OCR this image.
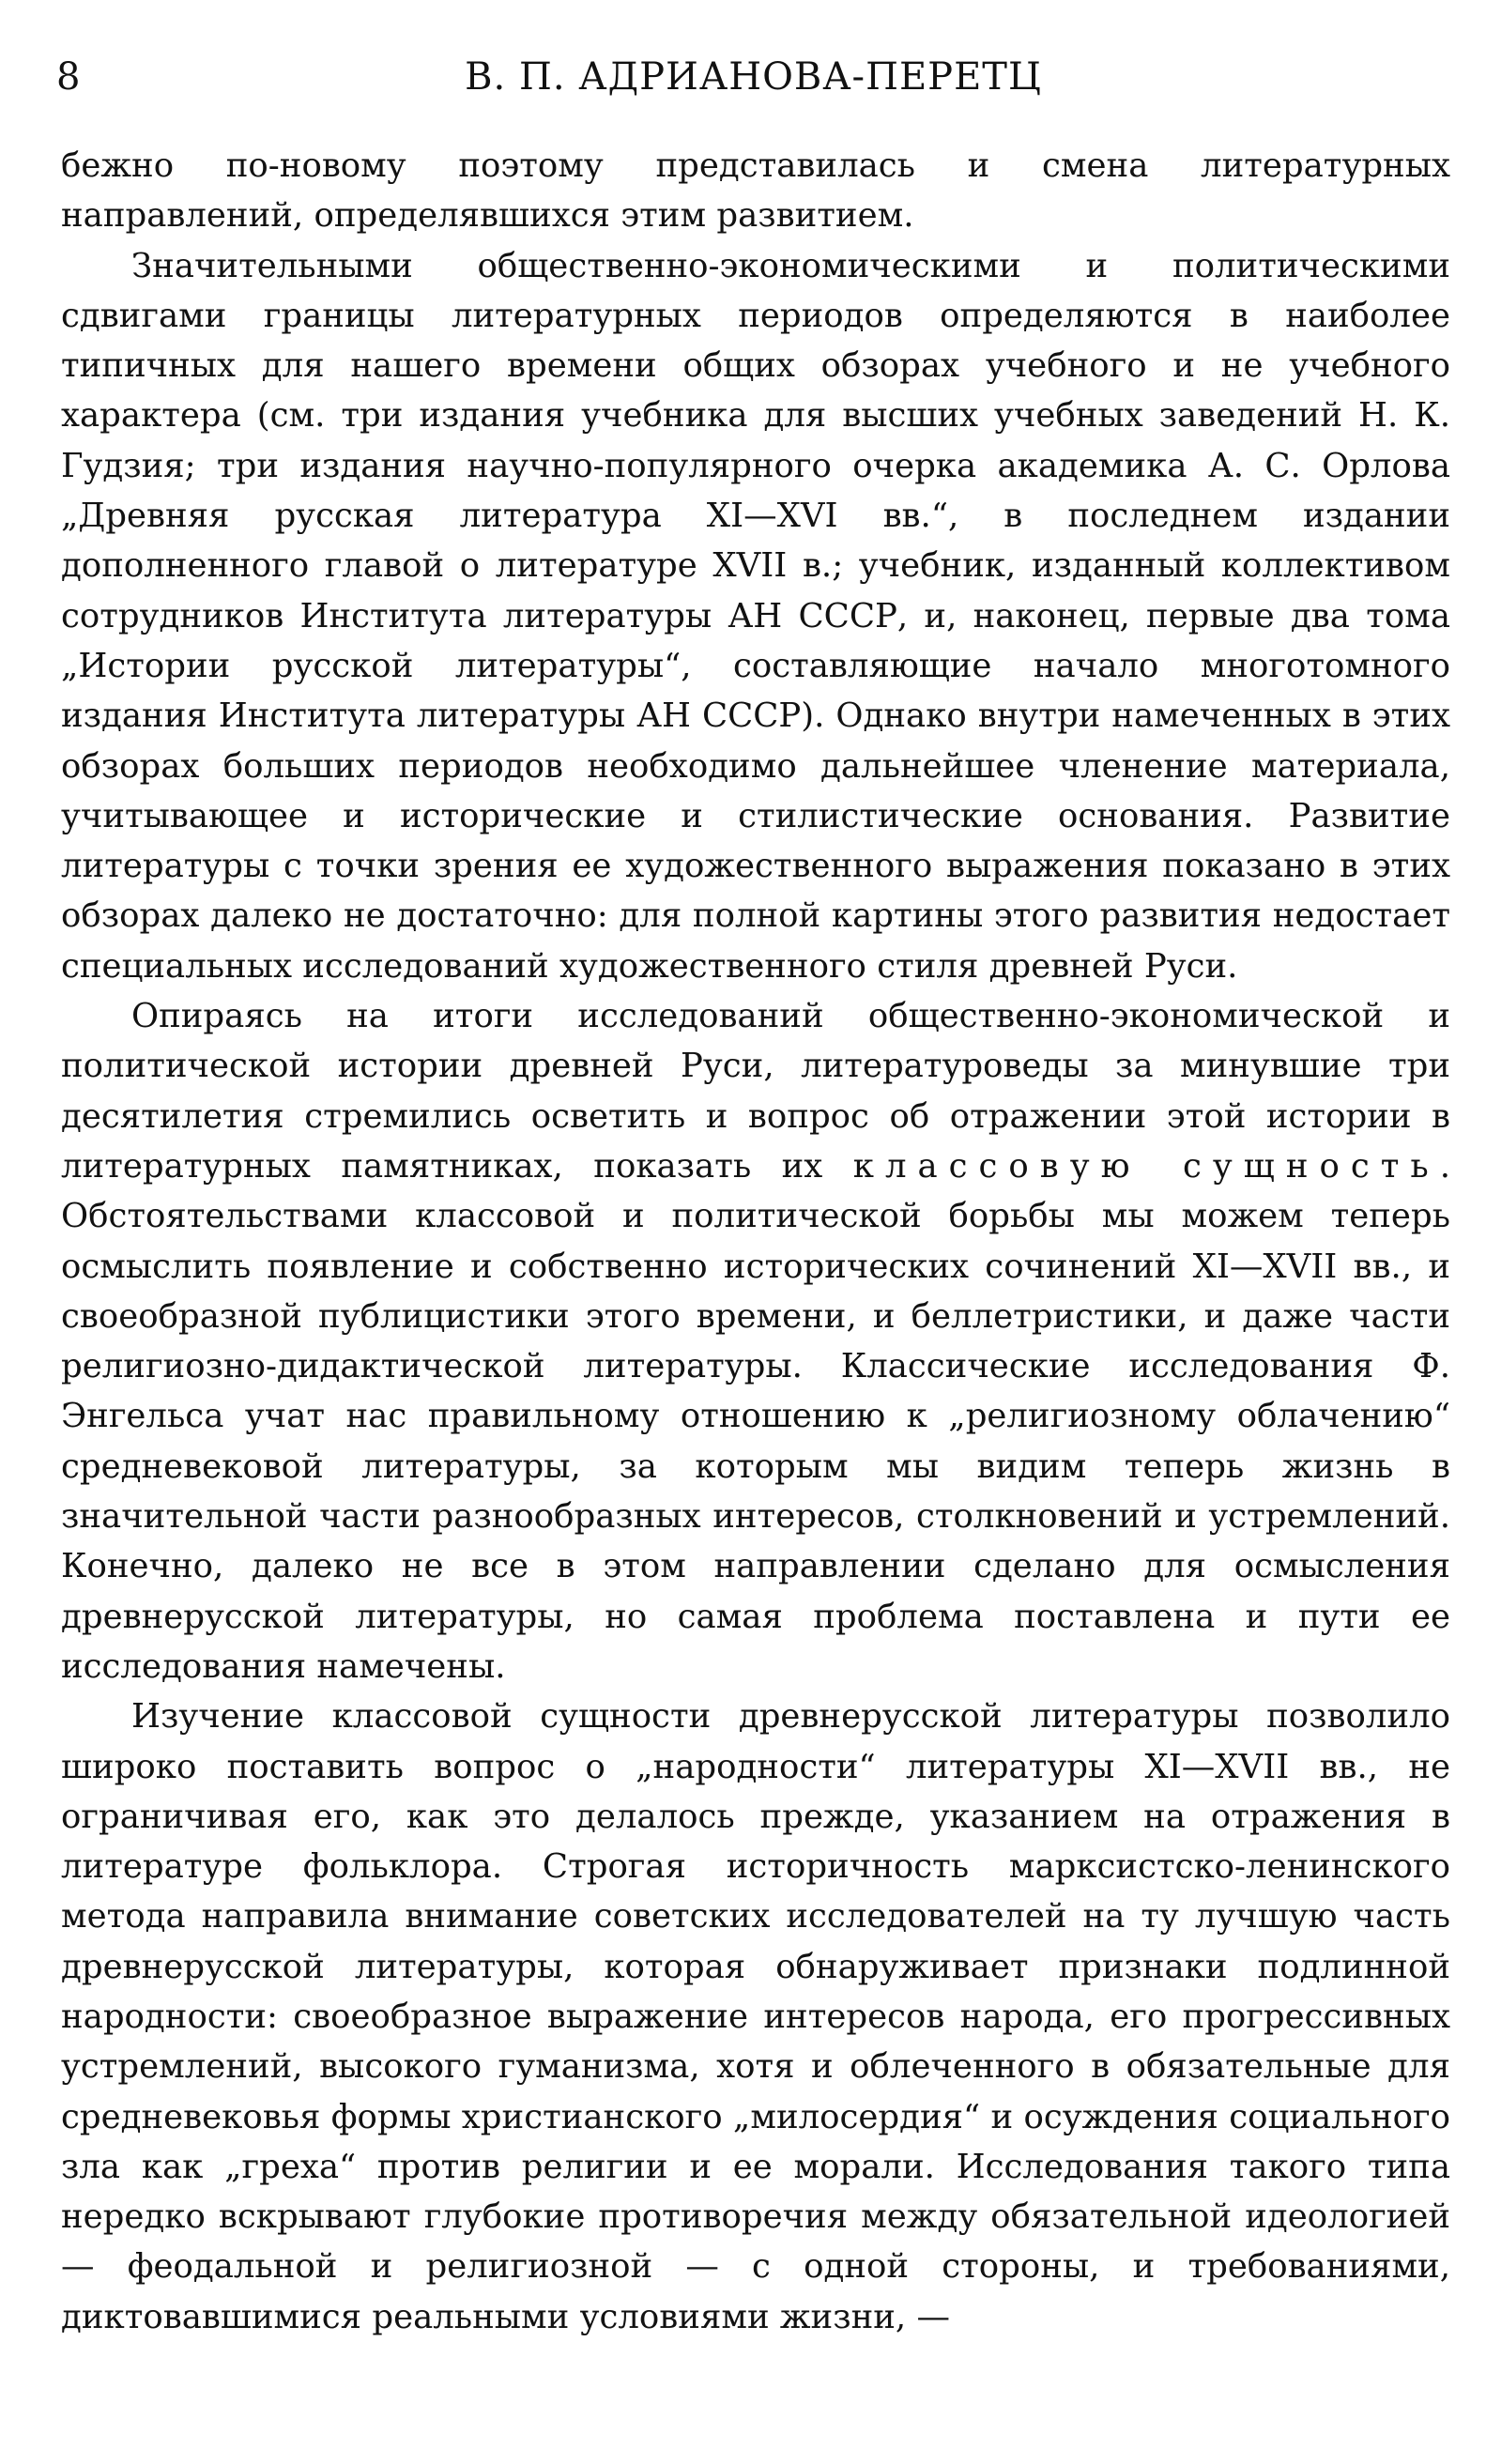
8	В. П. АДРИАНОВА-ПЕРЕТЦ

бежно по-новому поэтому представилась и смена литературных направлений, определявшихся этим развитием.

Значительными общественно-экономическими и политическими сдвигами границы литературных периодов определяются в наиболее типичных для нашего времени общих обзорах учебного и не учебного характера (см. три издания учебника для высших учебных заведений Н. К. Гудзия; три издания научно-популярного очерка академика А. С. Орлова „Древняя русская литература XI—XVI вв.“, в последнем издании дополненного главой о литературе XVII в.; учебник, изданный коллективом сотрудников Института литературы АН СССР, и, наконец, первые два тома „Истории русской литературы“, составляющие начало многотомного издания Института литературы АН СССР). Однако внутри намеченных в этих обзорах больших периодов необходимо дальнейшее членение материала, учитывающее и исторические и стилистические основания. Развитие литературы с точки зрения ее художественного выражения показано в этих обзорах далеко не достаточно: для полной картины этого развития недостает специальных исследований художественного стиля древней Руси.

Опираясь на итоги исследований общественно-экономической и политической истории древней Руси, литературоведы за минувшие три десятилетия стремились осветить и вопрос об отражении этой истории в литературных памятниках, показать их классовую сущность. Обстоятельствами классовой и политической борьбы мы можем теперь осмыслить появление и собственно исторических сочинений XI—XVII вв., и своеобразной публицистики этого времени, и беллетристики, и даже части религиозно-дидактической литературы. Классические исследования Ф. Энгельса учат нас правильному отношению к „религиозному облачению“ средневековой литературы, за которым мы видим теперь жизнь в значительной части разнообразных интересов, столкновений и устремлений. Конечно, далеко не все в этом направлении сделано для осмысления древнерусской литературы, но самая проблема поставлена и пути ее исследования намечены.

Изучение классовой сущности древнерусской литературы позволило широко поставить вопрос о „народности“ литературы XI—XVII вв., не ограничивая его, как это делалось прежде, указанием на отражения в литературе фольклора. Строгая историчность марксистско-ленинского метода направила внимание советских исследователей на ту лучшую часть древнерусской литературы, которая обнаруживает признаки подлинной народности: своеобразное выражение интересов народа, его прогрессивных устремлений, высокого гуманизма, хотя и облеченного в обязательные для средневековья формы христианского „милосердия“ и осуждения социального зла как „греха“ против религии и ее морали. Исследования такого типа нередко вскрывают глубокие противоречия между обязательной идеологией — феодальной и религиозной — с одной стороны, и требованиями, диктовавшимися реальными условиями жизни, —
